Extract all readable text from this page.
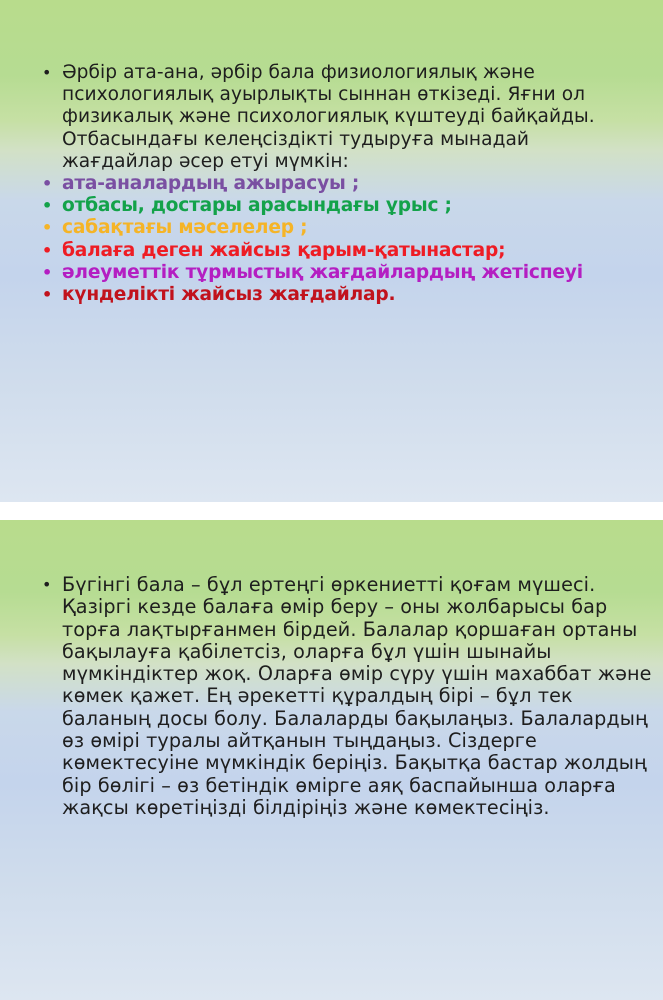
• Әрбір ата-ана, әрбір бала физиологиялық және психологиялық ауырлықты сыннан өткізеді. Яғни ол физикалық және психологиялық күштеуді байқайды. Отбасындағы келеңсіздікті тудыруға мынадай жағдайлар әсер етуі мүмкін:
• ата-аналардың ажырасуы ;
• отбасы, достары арасындағы ұрыс ;
• сабақтағы мәселелер ;
• балаға деген жайсыз қарым-қатынастар;
• әлеуметтік тұрмыстық жағдайлардың жетіспеуі
• күнделікті жайсыз жағдайлар.
• Бүгінгі бала – бұл ертеңгі өркениетті қоғам мүшесі. Қазіргі кезде балаға өмір беру – оны жолбарысы бар торға лақтырғанмен бірдей. Балалар қоршаған ортаны бақылауға қабілетсіз, оларға бұл үшін шынайы мүмкіндіктер жоқ. Оларға өмір сүру үшін махаббат және көмек қажет. Ең әрекетті құралдың бірі – бұл тек баланың досы болу. Балаларды бақылаңыз. Балалардың өз өмірі туралы айтқанын тыңдаңыз. Сіздерге көмектесуіне мүмкіндік беріңіз. Бақытқа бастар жолдың бір бөлігі – өз бетіндік өмірге аяқ баспайынша оларға жақсы көретіңізді білдіріңіз және көмектесіңіз.
